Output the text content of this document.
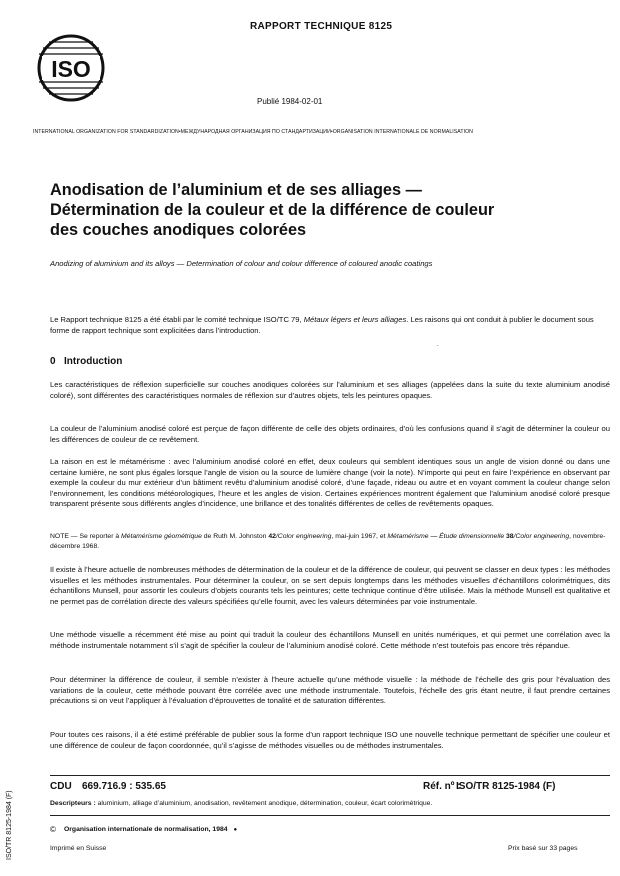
ISO
RAPPORT TECHNIQUE 8125
Publié 1984-02-01
INTERNATIONAL ORGANIZATION FOR STANDARDIZATION•МЕЖДУНАРОДНАЯ ОРГАНИЗАЦИЯ ПО СТАНДАРТИЗАЦИИ•ORGANISATION INTERNATIONALE DE NORMALISATION
Anodisation de l’aluminium et de ses alliages —
Détermination de la couleur et de la différence de couleur
des couches anodiques colorées
Anodizing of aluminium and its alloys — Determination of colour and colour difference of coloured anodic coatings
Le Rapport technique 8125 a été établi par le comité technique ISO/TC 79, Métaux légers et leurs alliages. Les raisons qui ont conduit à publier le document sous forme de rapport technique sont explicitées dans l’introduction.
.
0 Introduction
Les caractéristiques de réflexion superficielle sur couches anodiques colorées sur l’aluminium et ses alliages (appelées dans la suite du texte aluminium anodisé coloré), sont différentes des caractéristiques normales de réflexion sur d’autres objets, tels les peintures opaques.
La couleur de l’aluminium anodisé coloré est perçue de façon différente de celle des objets ordinaires, d’où les confusions quand il s’agit de déterminer la couleur ou les différences de couleur de ce revêtement.
La raison en est le métamérisme : avec l’aluminium anodisé coloré en effet, deux couleurs qui semblent identiques sous un angle de vision donné ou dans une certaine lumière, ne sont plus égales lorsque l’angle de vision ou la source de lumière change (voir la note). N’importe qui peut en faire l’expérience en observant par exemple la couleur du mur extérieur d’un bâtiment revêtu d’aluminium anodisé coloré, d’une façade, rideau ou autre et en voyant comment la couleur change selon l’environnement, les conditions météorologiques, l’heure et les angles de vision. Certaines expériences montrent également que l’aluminium anodisé coloré presque transparent présente sous différents angles d’incidence, une brillance et des tonalités différentes de celles de revêtements opaques.
NOTE — Se reporter à Métamérisme géométrique de Ruth M. Johnston 42/Color engineering, mai-juin 1967, et Métamérisme — Étude dimensionnelle 38/Color engineering, novembre-décembre 1968.
Il existe à l’heure actuelle de nombreuses méthodes de détermination de la couleur et de la différence de couleur, qui peuvent se classer en deux types : les méthodes visuelles et les méthodes instrumentales. Pour déterminer la couleur, on se sert depuis longtemps dans les méthodes visuelles d’échantillons colorimétriques, dits échantillons Munsell, pour assortir les couleurs d’objets courants tels les peintures; cette technique continue d’être utilisée. Mais la méthode Munsell est qualitative et ne permet pas de corrélation directe des valeurs spécifiées qu’elle fournit, avec les valeurs déterminées par voie instrumentale.
Une méthode visuelle a récemment été mise au point qui traduit la couleur des échantillons Munsell en unités numériques, et qui permet une corrélation avec la méthode instrumentale notamment s’il s’agit de spécifier la couleur de l’aluminium anodisé coloré. Cette méthode n’est toutefois pas encore très répandue.
Pour déterminer la différence de couleur, il semble n’exister à l’heure actuelle qu’une méthode visuelle : la méthode de l’échelle des gris pour l’évaluation des variations de la couleur, cette méthode pouvant être corrélée avec une méthode instrumentale. Toutefois, l’échelle des gris étant neutre, il faut prendre certaines précautions si on veut l’appliquer à l’évaluation d’éprouvettes de tonalité et de saturation différentes.
Pour toutes ces raisons, il a été estimé préférable de publier sous la forme d’un rapport technique ISO une nouvelle technique permettant de spécifier une couleur et une différence de couleur de façon coordonnée, qu’il s’agisse de méthodes visuelles ou de méthodes instrumentales.
CDU 669.716.9 : 535.65	Réf. nº :
ISO/TR 8125-1984 (F)
Descripteurs : aluminium, alliage d’aluminium, anodisation, revêtement anodique, détermination, couleur, écart colorimétrique.
© Organisation internationale de normalisation, 1984 ●
Imprimé en Suisse	Prix basé sur 33 pages
ISO/TR 8125-1984 (F)
